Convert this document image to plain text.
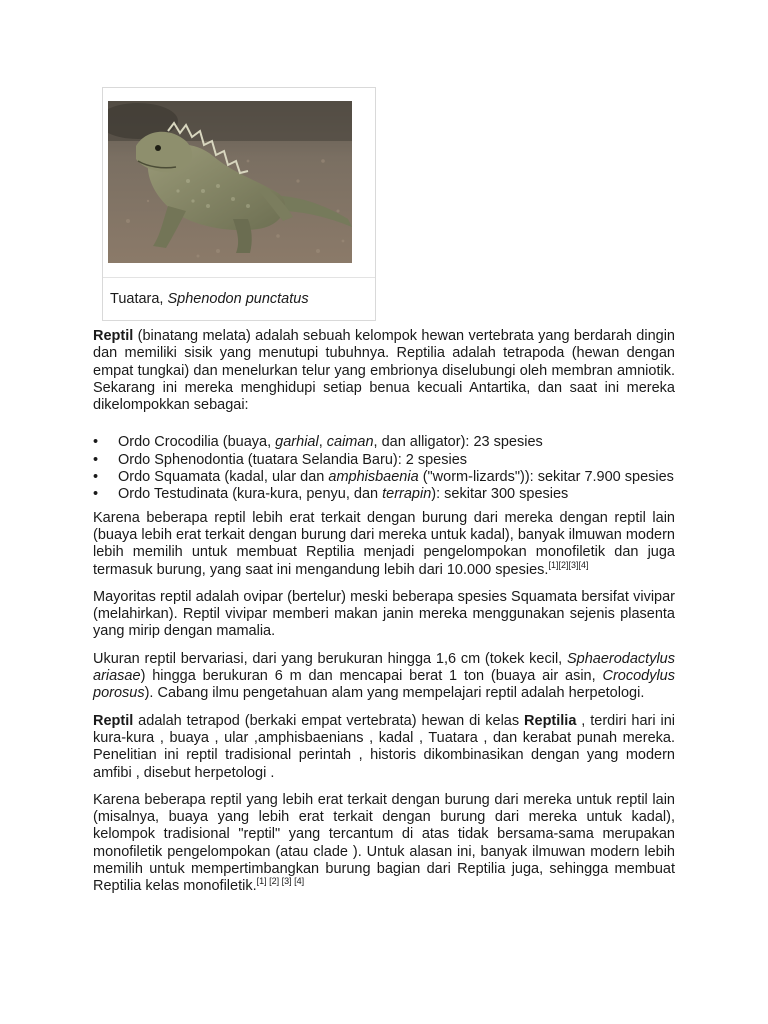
Tuatara, Sphenodon punctatus

Reptil (binatang melata) adalah sebuah kelompok hewan vertebrata yang berdarah dingin dan memiliki sisik yang menutupi tubuhnya. Reptilia adalah tetrapoda (hewan dengan empat tungkai) dan menelurkan telur yang embrionya diselubungi oleh membran amniotik. Sekarang ini mereka menghidupi setiap benua kecuali Antartika, dan saat ini mereka dikelompokkan sebagai:

• Ordo Crocodilia (buaya, garhial, caiman, dan alligator): 23 spesies
• Ordo Sphenodontia (tuatara Selandia Baru): 2 spesies
• Ordo Squamata (kadal, ular dan amphisbaenia ("worm-lizards")): sekitar 7.900 spesies
• Ordo Testudinata (kura-kura, penyu, dan terrapin): sekitar 300 spesies

Karena beberapa reptil lebih erat terkait dengan burung dari mereka dengan reptil lain (buaya lebih erat terkait dengan burung dari mereka untuk kadal), banyak ilmuwan modern lebih memilih untuk membuat Reptilia menjadi pengelompokan monofiletik dan juga termasuk burung, yang saat ini mengandung lebih dari 10.000 spesies.[1][2][3][4]

Mayoritas reptil adalah ovipar (bertelur) meski beberapa spesies Squamata bersifat vivipar (melahirkan). Reptil vivipar memberi makan janin mereka menggunakan sejenis plasenta yang mirip dengan mamalia.

Ukuran reptil bervariasi, dari yang berukuran hingga 1,6 cm (tokek kecil, Sphaerodactylus ariasae) hingga berukuran 6 m dan mencapai berat 1 ton (buaya air asin, Crocodylus porosus). Cabang ilmu pengetahuan alam yang mempelajari reptil adalah herpetologi.

Reptil adalah tetrapod (berkaki empat vertebrata) hewan di kelas Reptilia , terdiri hari ini kura-kura , buaya , ular ,amphisbaenians , kadal , Tuatara , dan kerabat punah mereka. Penelitian ini reptil tradisional perintah , historis dikombinasikan dengan yang modern amfibi , disebut herpetologi .

Karena beberapa reptil yang lebih erat terkait dengan burung dari mereka untuk reptil lain (misalnya, buaya yang lebih erat terkait dengan burung dari mereka untuk kadal), kelompok tradisional "reptil" yang tercantum di atas tidak bersama-sama merupakan monofiletik pengelompokan (atau clade ). Untuk alasan ini, banyak ilmuwan modern lebih memilih untuk mempertimbangkan burung bagian dari Reptilia juga, sehingga membuat Reptilia kelas monofiletik.[1] [2] [3] [4]
